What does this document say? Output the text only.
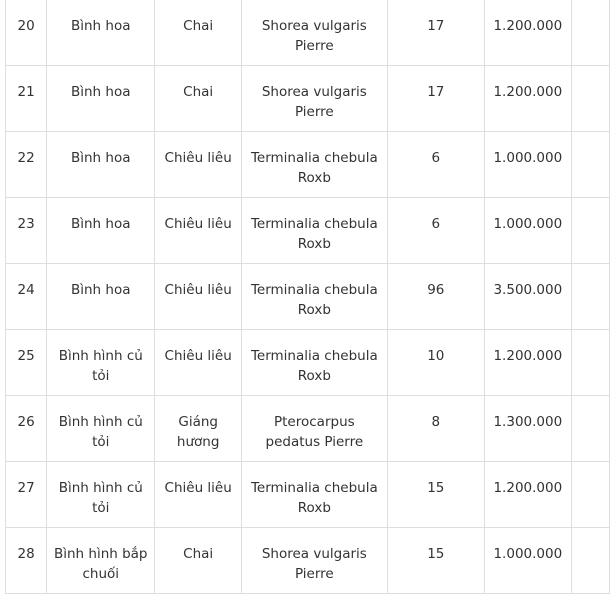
20	Bình hoa	Chai	Shorea vulgaris Pierre	17	1.200.000	
21	Bình hoa	Chai	Shorea vulgaris Pierre	17	1.200.000	
22	Bình hoa	Chiêu liêu	Terminalia chebula Roxb	6	1.000.000	
23	Bình hoa	Chiêu liêu	Terminalia chebula Roxb	6	1.000.000	
24	Bình hoa	Chiêu liêu	Terminalia chebula Roxb	96	3.500.000	
25	Bình hình củ tỏi	Chiêu liêu	Terminalia chebula Roxb	10	1.200.000	
26	Bình hình củ tỏi	Giáng hương	Pterocarpus pedatus Pierre	8	1.300.000	
27	Bình hình củ tỏi	Chiêu liêu	Terminalia chebula Roxb	15	1.200.000	
28	Bình hình bắp chuối	Chai	Shorea vulgaris Pierre	15	1.000.000	
